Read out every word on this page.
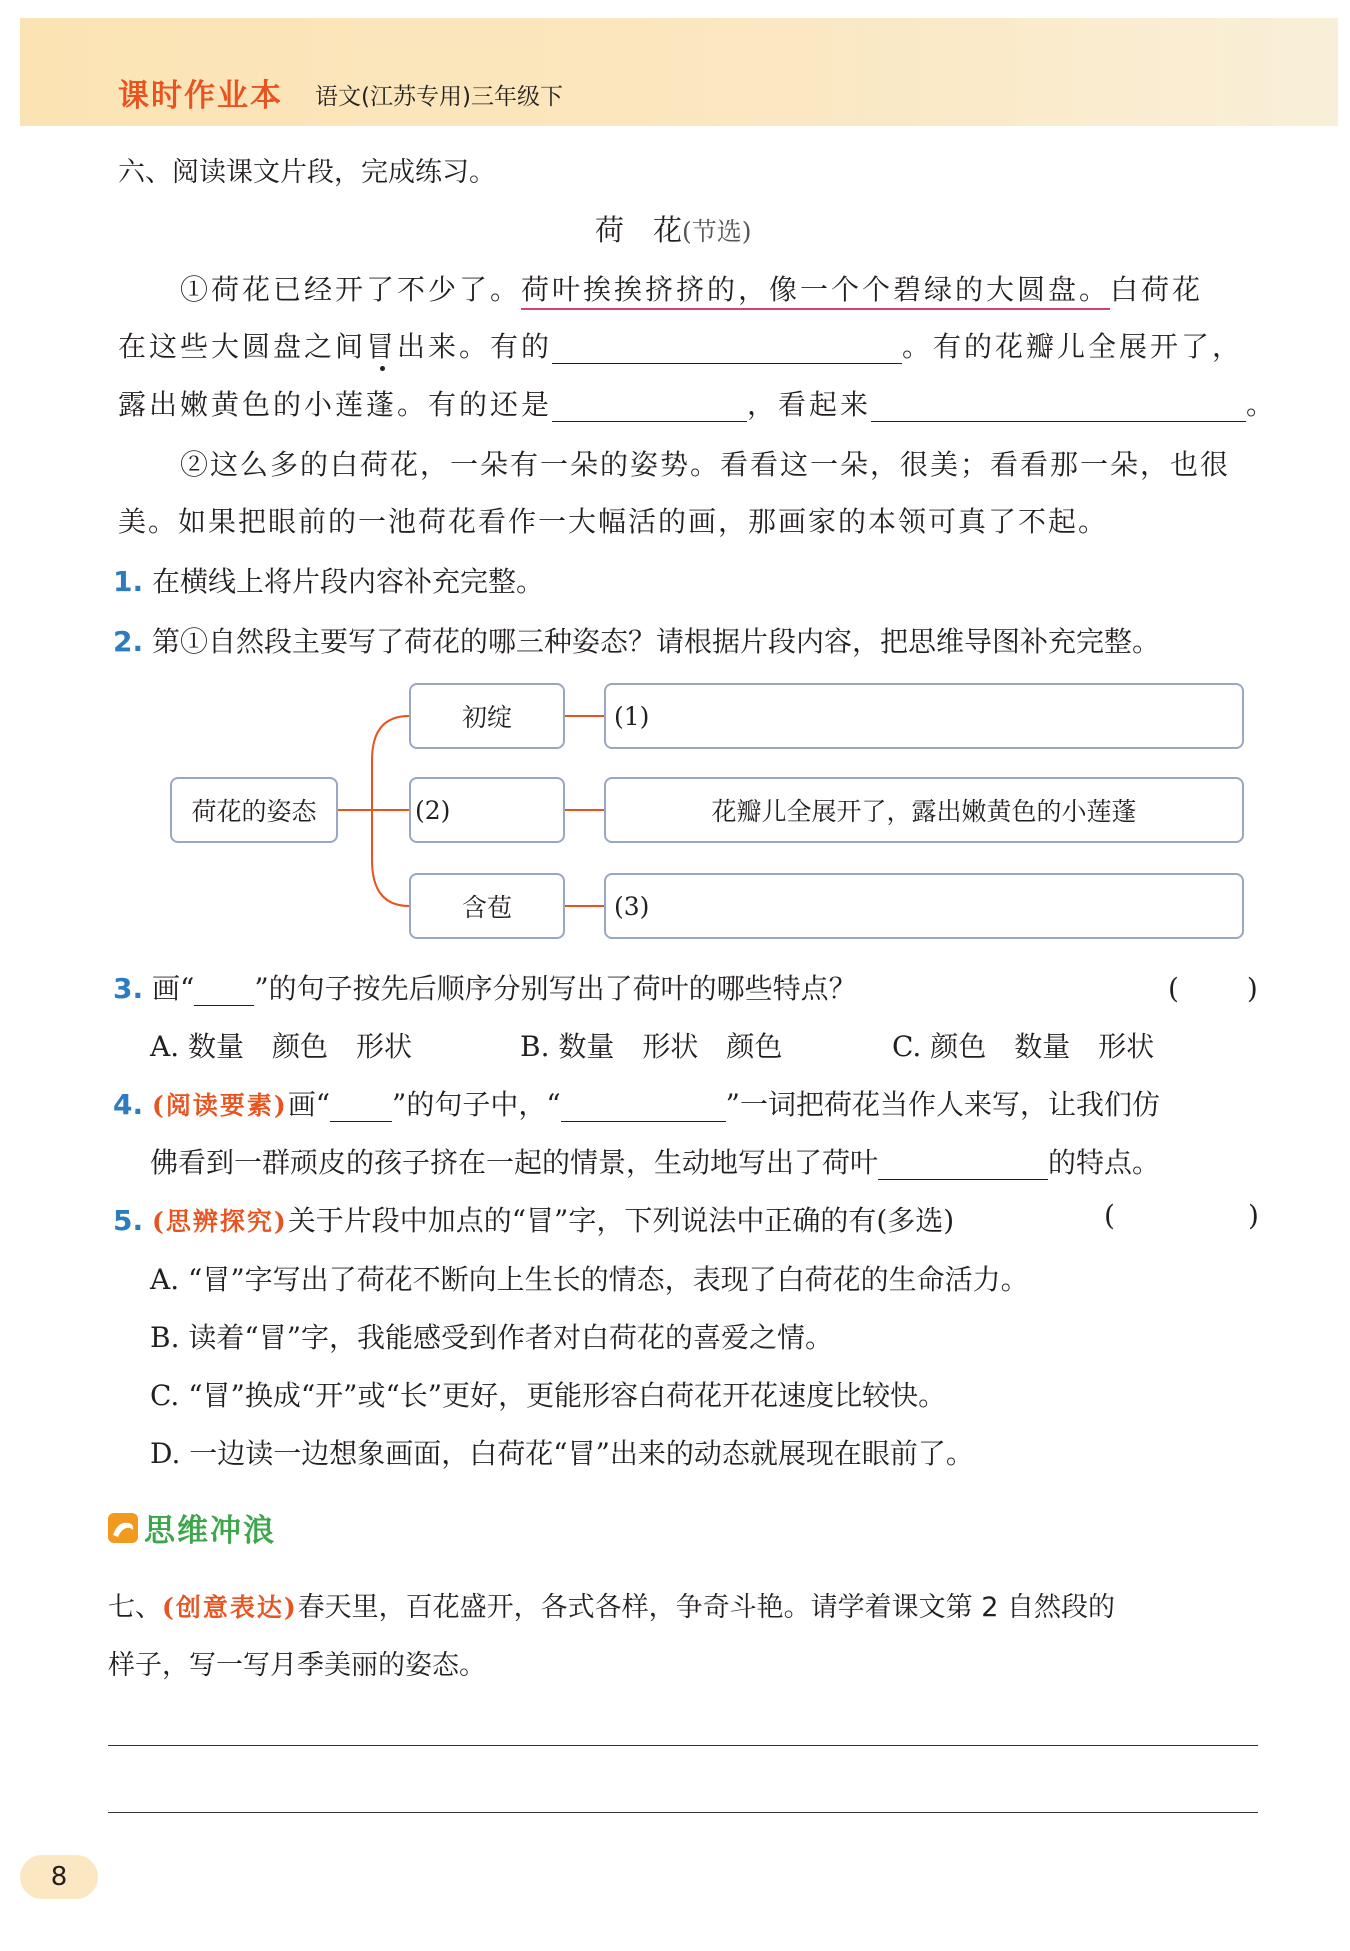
课时作业本 语文(江苏专用)三年级下
六、阅读课文片段，完成练习。
荷　花(节选)
①荷花已经开了不少了。荷叶挨挨挤挤的，像一个个碧绿的大圆盘。白荷花
在这些大圆盘之间冒
出来。有的	。有的花瓣儿全展开了，
露出嫩黄色的小莲蓬。有的还是	，看起来	。
②这么多的白荷花，一朵有一朵的姿势。看看这一朵，很美；看看那一朵，也很
美。如果把眼前的一池荷花看作一大幅活的画，那画家的本领可真了不起。
1. 在横线上将片段内容补充完整。
2. 第①自然段主要写了荷花的哪三种姿态？请根据片段内容，把思维导图补充完整。
荷花的姿态
初绽	(1)
(2)	花瓣儿全展开了，露出嫩黄色的小莲蓬
含苞	(3)
3. 画“ ”的句子按先后顺序分别写出了荷叶的哪些特点？	(　　)
A. 数量　颜色　形状	B. 数量　形状　颜色	C. 颜色　数量　形状
4. (阅读要素)画“ ”的句子中，“	”一词把荷花当作人来写，让我们仿
佛看到一群顽皮的孩子挤在一起的情景，生动地写出了荷叶	的特点。
5. (思辨探究)关于片段中加点的“冒”字，下列说法中正确的有(多选)	(	)
A. “冒”字写出了荷花不断向上生长的情态，表现了白荷花的生命活力。
B. 读着“冒”字，我能感受到作者对白荷花的喜爱之情。
C. “冒”换成“开”或“长”更好，更能形容白荷花开花速度比较快。
D. 一边读一边想象画面，白荷花“冒”出来的动态就展现在眼前了。
思维冲浪
七、(创意表达)春天里，百花盛开，各式各样，争奇斗艳。请学着课文第 2 自然段的
样子，写一写月季美丽的姿态。
8
